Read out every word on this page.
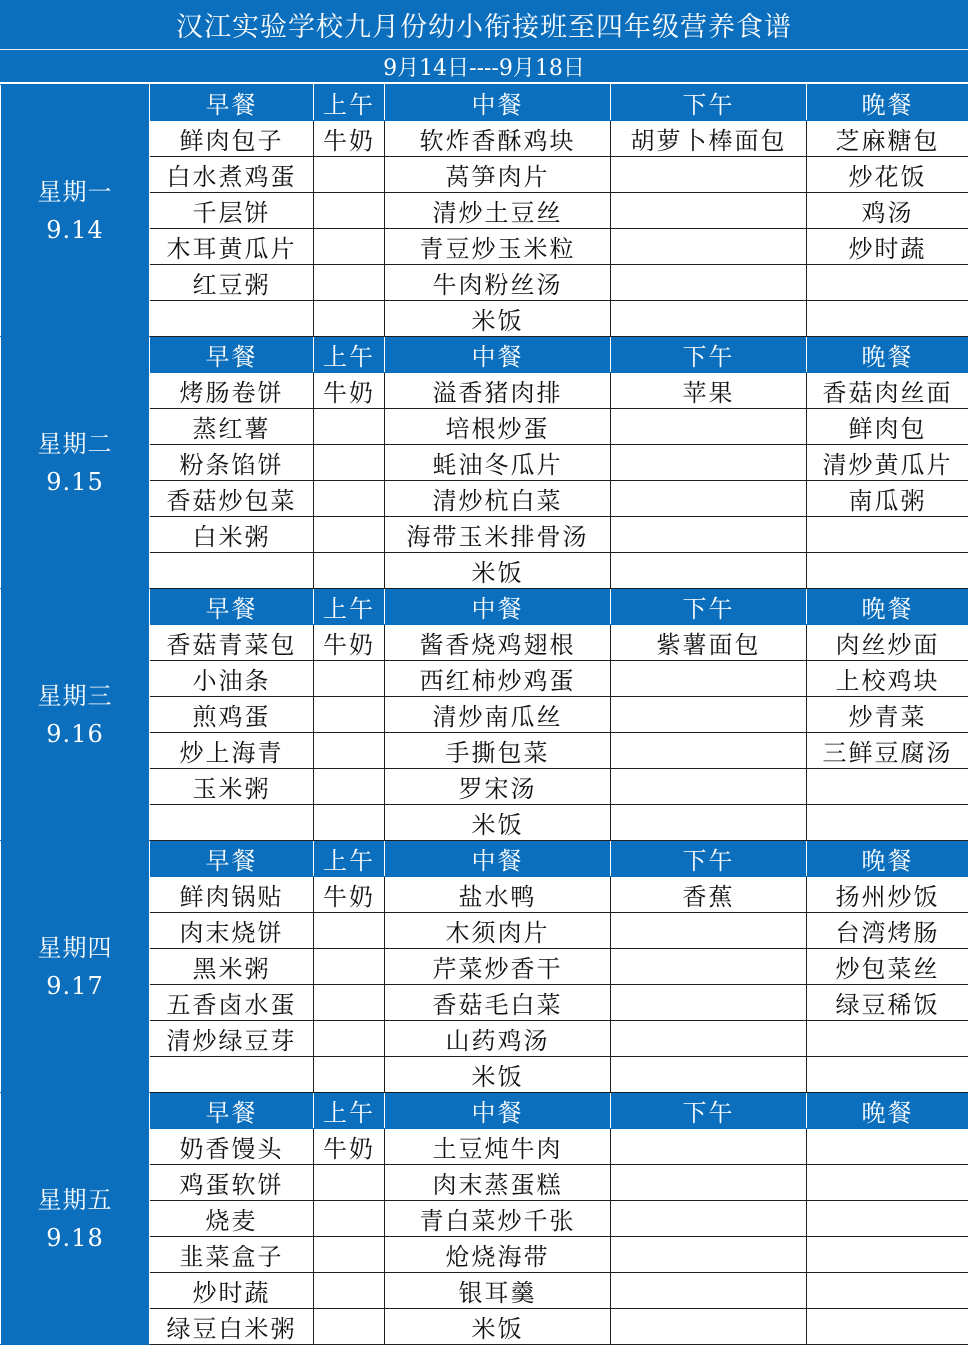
汉江实验学校九月份幼小衔接班至四年级营养食谱
9月14日----9月18日
星期一
9.14	早餐	上午	中餐	下午	晚餐
	鲜肉包子	牛奶	软炸香酥鸡块	胡萝卜棒面包	芝麻糖包
	白水煮鸡蛋		莴笋肉片		炒花饭
	千层饼		清炒土豆丝		鸡汤
	木耳黄瓜片		青豆炒玉米粒		炒时蔬
	红豆粥		牛肉粉丝汤		
			米饭		

星期二
9.15	早餐	上午	中餐	下午	晚餐
	烤肠卷饼	牛奶	溢香猪肉排	苹果	香菇肉丝面
	蒸红薯		培根炒蛋		鲜肉包
	粉条馅饼		蚝油冬瓜片		清炒黄瓜片
	香菇炒包菜		清炒杭白菜		南瓜粥
	白米粥		海带玉米排骨汤		
			米饭		

星期三
9.16	早餐	上午	中餐	下午	晚餐
	香菇青菜包	牛奶	酱香烧鸡翅根	紫薯面包	肉丝炒面
	小油条		西红柿炒鸡蛋		上校鸡块
	煎鸡蛋		清炒南瓜丝		炒青菜
	炒上海青		手撕包菜		三鲜豆腐汤
	玉米粥		罗宋汤		
			米饭		

星期四
9.17	早餐	上午	中餐	下午	晚餐
	鲜肉锅贴	牛奶	盐水鸭	香蕉	扬州炒饭
	肉末烧饼		木须肉片		台湾烤肠
	黑米粥		芹菜炒香干		炒包菜丝
	五香卤水蛋		香菇毛白菜		绿豆稀饭
	清炒绿豆芽		山药鸡汤		
			米饭		

星期五
9.18	早餐	上午	中餐	下午	晚餐
	奶香馒头	牛奶	土豆炖牛肉		
	鸡蛋软饼		肉末蒸蛋糕		
	烧麦		青白菜炒千张		
	韭菜盒子		炝烧海带		
	炒时蔬		银耳羹		
	绿豆白米粥		米饭		
